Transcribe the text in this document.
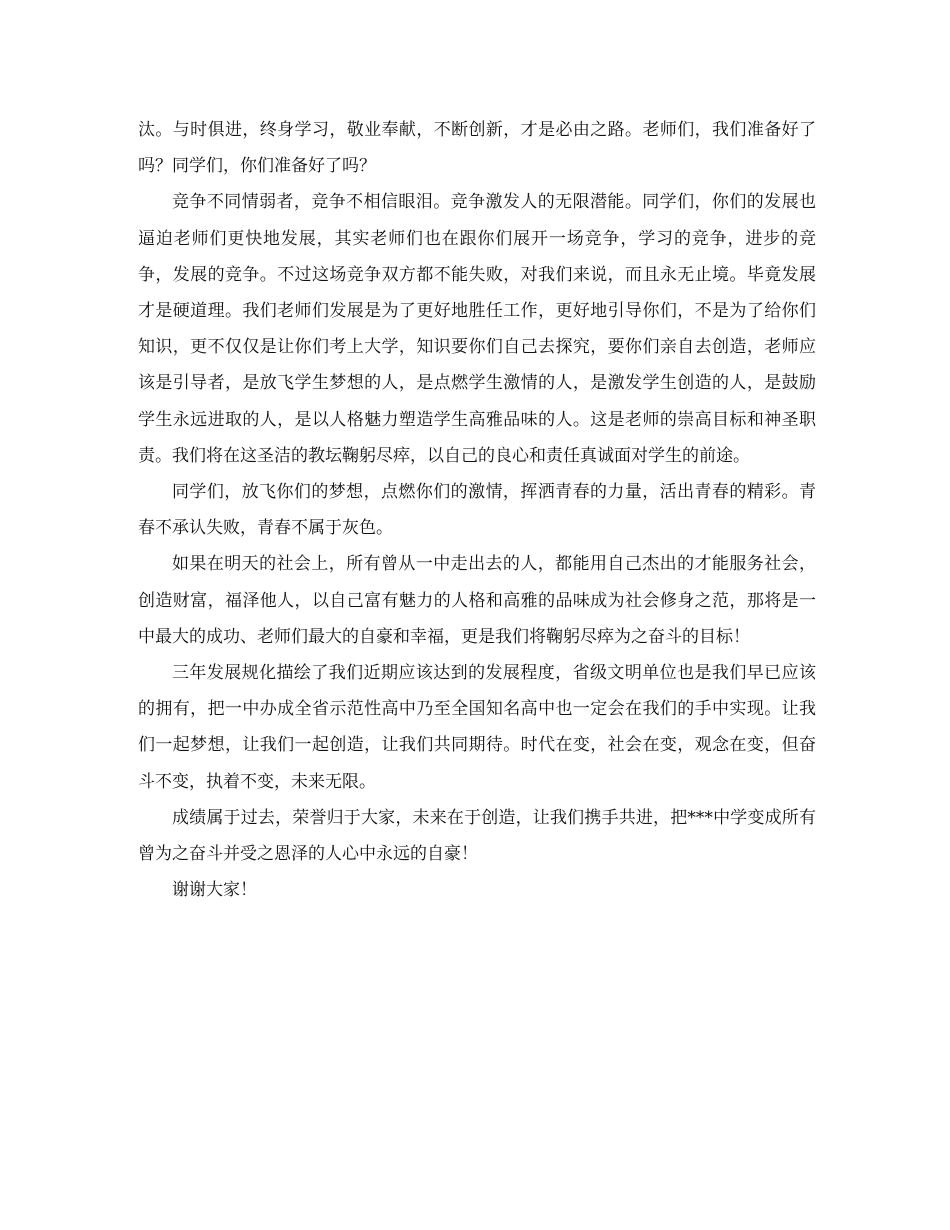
汰。与时俱进，终身学习，敬业奉献，不断创新，才是必由之路。老师们，我们准备好了吗？同学们，你们准备好了吗？

竞争不同情弱者，竞争不相信眼泪。竞争激发人的无限潜能。同学们，你们的发展也逼迫老师们更快地发展，其实老师们也在跟你们展开一场竞争，学习的竞争，进步的竞争，发展的竞争。不过这场竞争双方都不能失败，对我们来说，而且永无止境。毕竟发展才是硬道理。我们老师们发展是为了更好地胜任工作，更好地引导你们，不是为了给你们知识，更不仅仅是让你们考上大学，知识要你们自己去探究，要你们亲自去创造，老师应该是引导者，是放飞学生梦想的人，是点燃学生激情的人，是激发学生创造的人，是鼓励学生永远进取的人，是以人格魅力塑造学生高雅品味的人。这是老师的崇高目标和神圣职责。我们将在这圣洁的教坛鞠躬尽瘁，以自己的良心和责任真诚面对学生的前途。

同学们，放飞你们的梦想，点燃你们的激情，挥洒青春的力量，活出青春的精彩。青春不承认失败，青春不属于灰色。

如果在明天的社会上，所有曾从一中走出去的人，都能用自己杰出的才能服务社会，创造财富，福泽他人，以自己富有魅力的人格和高雅的品味成为社会修身之范，那将是一中最大的成功、老师们最大的自豪和幸福，更是我们将鞠躬尽瘁为之奋斗的目标！

三年发展规化描绘了我们近期应该达到的发展程度，省级文明单位也是我们早已应该的拥有，把一中办成全省示范性高中乃至全国知名高中也一定会在我们的手中实现。让我们一起梦想，让我们一起创造，让我们共同期待。时代在变，社会在变，观念在变，但奋斗不变，执着不变，未来无限。

成绩属于过去，荣誉归于大家，未来在于创造，让我们携手共进，把***中学变成所有曾为之奋斗并受之恩泽的人心中永远的自豪！

谢谢大家！
